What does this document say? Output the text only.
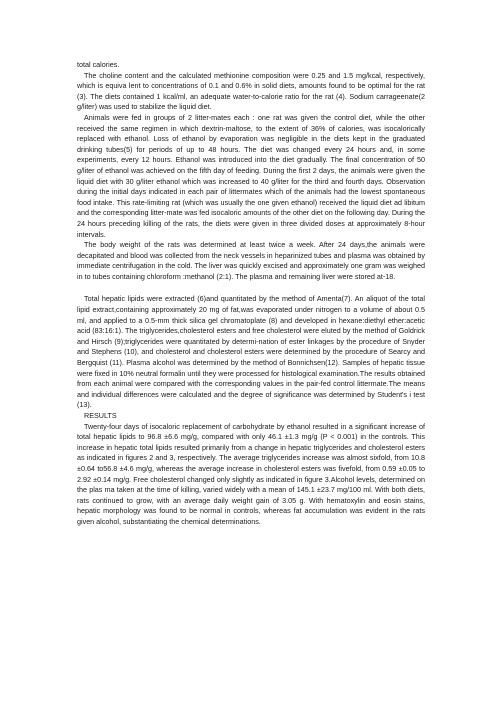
total calories.

The choline content and the calculated methionine composition were 0.25 and 1.5 mg/kcal, respectively, which is equiva lent to concentrations of 0.1 and 0.6% in solid diets, amounts found to be optimal for the rat (3). The diets contained 1 kcal/ml, an adequate water-to-calorie ratio for the rat (4). Sodium carrageenate(2 g/liter) was used to stabilize the liquid diet.

Animals were fed in groups of 2 litter-mates each : one rat was given the control diet, while the other received the same regimen in which dextrin-maltose, to the extent of 36% of calories, was isocalorically replaced with ethanol. Loss of ethanol by evaporation was negligible in the diets kept in the graduated drinking tubes(5) for periods of up to 48 hours. The diet was changed every 24 hours and, in some experiments, every 12 hours. Ethanol was introduced into the diet gradually. The final concentration of 50 g/liter of ethanol was achieved on the fifth day of feeding. During the first 2 days, the animals were given the liquid diet with 30 g/liter ethanol which was increased to 40 g/liter for the third and fourth days. Observation during the initial days indicated in each pair of littermates which of the animals had the lowest spontaneous food intake. This rate-limiting rat (which was usually the one given ethanol) received the liquid diet ad libitum and the corresponding litter-mate was fed isocaloric amounts of the other diet on the following day. During the 24 hours preceding killing of the rats, the diets were given in three divided doses at approximately 8-hour intervals.

The body weight of the rats was determined at least twice a week. After 24 days,the animals were decapitated and blood was collected from the neck vessels in heparinized tubes and plasma was obtained by immediate centrifugation in the cold. The liver was quickly excised and approximately one gram was weighed in to tubes containing chloroform :methanol (2:1). The plasma and remaining liver were stored at-18.

Total hepatic lipids were extracted (6)and quantitated by the method of Amenta(7). An aliquot of the total lipid extract,containing approximately 20 mg of fat,was evaporated under nitrogen to a volume of about 0.5 ml, and applied to a 0.5-mm thick silica gel chromatoplate (8) and developed in hexane:diethyl ether:acetic acid (83:16:1). The triglycerides,cholesterol esters and free cholesterol were eluted by the method of Goldrick and Hirsch (9);triglycerides were quantitated by determi-nation of ester linkages by the procedure of Snyder and Stephens (10), and cholesterol and cholesterol esters were determined by the procedure of Searcy and Bergquist (11). Plasma alcohol was determined by the method of Bonnichsen(12). Samples of hepatic tissue were fixed in 10% neutral formalin until they were processed for histological examination.The results obtained from each animal were compared with the corresponding values in the pair-fed control littermate.The means and individual differences were calculated and the degree of significance was determined by Student's i test (13).

RESULTS

Twenty-four days of isocaloric replacement of carbohydrate by ethanol resulted in a significant increase of total hepatic lipids to 96.8 ±6.6 mg/g, compared with only 46.1 ±1.3 mg/g (P < 0.001) in the controls. This increase in hepatic total lipids resulted primarily from a change in hepatic triglycerides and cholesterol esters as indicated in figures 2 and 3, respectively. The average triglycerides increase was almost sixfold, from 10.8 ±0.64 to56.8 ±4.6 mg/g, whereas the average increase in cholesterol esters was fivefold, from 0.59 ±0.05 to 2.92 ±0.14 mg/g. Free cholesterol changed only slightly as indicated in figure 3.Alcohol levels, determined on the plas ma taken at the time of killing, varied widely with a mean of 145.1 ±23.7 mg/100 ml. With both diets, rats continued to grow, with an average daily weight gain of 3.05 g. With hematoxylin and eosin stains, hepatic morphology was found to be normal in controls, whereas fat accumulation was evident in the rats given alcohol, substantiating the chemical determinations.
